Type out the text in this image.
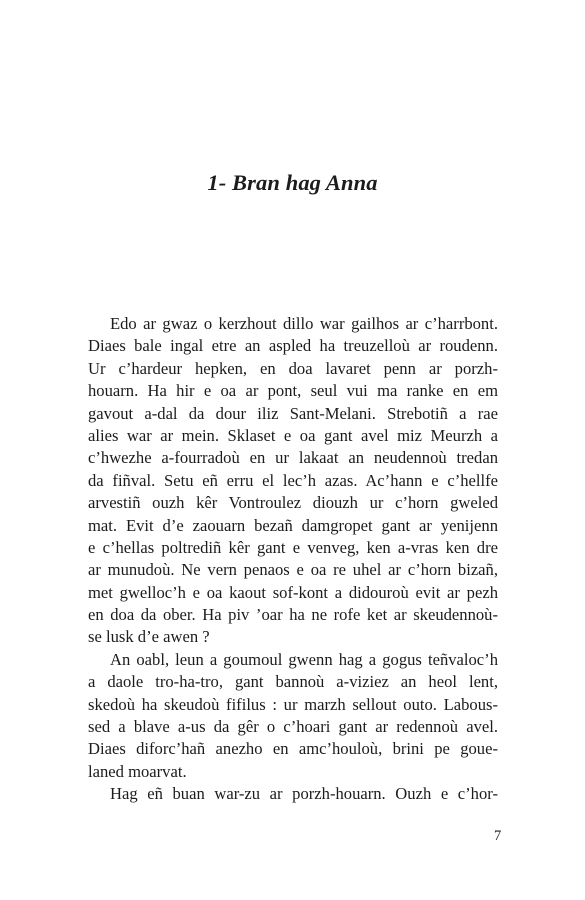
1- Bran hag Anna
Edo ar gwaz o kerzhout dillo war gailhos ar c’harrbont.
Diaes bale ingal etre an aspled ha treuzelloù ar roudenn.
Ur c’hardeur hepken, en doa lavaret penn ar porzh-
houarn. Ha hir e oa ar pont, seul vui ma ranke en em
gavout a-dal da dour iliz Sant-Melani. Strebotiñ a rae
alies war ar mein. Sklaset e oa gant avel miz Meurzh a
c’hwezhe a-fourradoù en ur lakaat an neudennoù tredan
da fiñval. Setu eñ erru el lec’h azas. Ac’hann e c’hellfe
arvestiñ ouzh kêr Vontroulez diouzh ur c’horn gweled
mat. Evit d’e zaouarn bezañ damgropet gant ar yenijenn
e c’hellas poltrediñ kêr gant e venveg, ken a-vras ken dre
ar munudoù. Ne vern penaos e oa re uhel ar c’horn bizañ,
met gwelloc’h e oa kaout sof-kont a didouroù evit ar pezh
en doa da ober. Ha piv ’oar ha ne rofe ket ar skeudennoù-
se lusk d’e awen ?
An oabl, leun a goumoul gwenn hag a gogus teñvaloc’h
a daole tro-ha-tro, gant bannoù a-viziez an heol lent,
skedoù ha skeudoù fifilus : ur marzh sellout outo. Labous-
sed a blave a-us da gêr o c’hoari gant ar redennoù avel.
Diaes diforc’hañ anezho en amc’houloù, brini pe goue-
laned moarvat.
Hag eñ buan war-zu ar porzh-houarn. Ouzh e c’hor-

7
